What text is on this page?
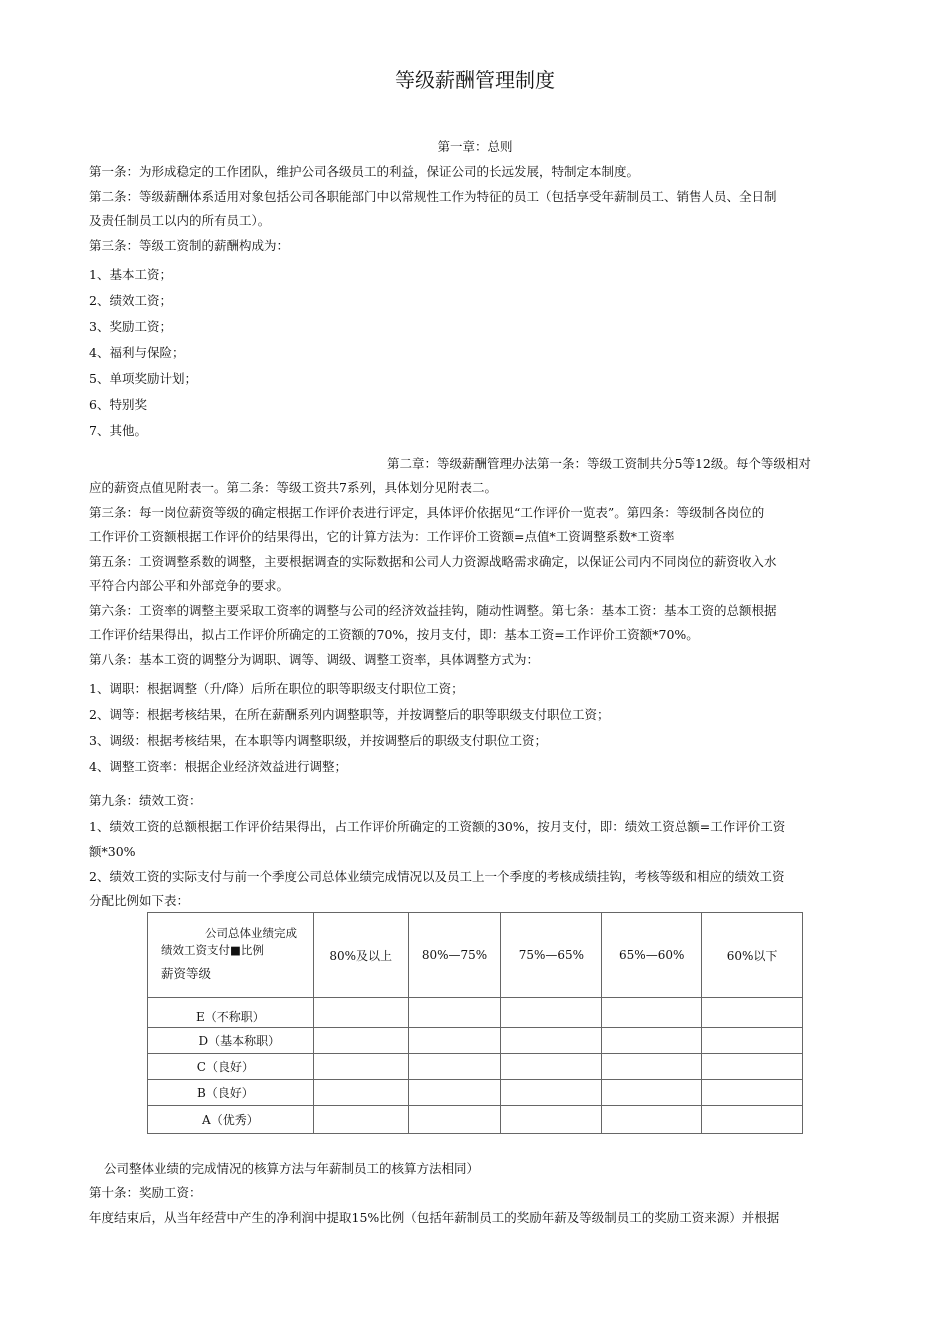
等级薪酬管理制度
第一章：总则
第一条：为形成稳定的工作团队，维护公司各级员工的利益，保证公司的长远发展，特制定本制度。
第二条：等级薪酬体系适用对象包括公司各职能部门中以常规性工作为特征的员工（包括享受年薪制员工、销售人员、全日制
及责任制员工以内的所有员工）。
第三条：等级工资制的薪酬构成为：
1、基本工资；
2、绩效工资；
3、奖励工资；
4、福利与保险；
5、单项奖励计划；
6、特别奖
7、其他。
第二章：等级薪酬管理办法第一条：等级工资制共分5等12级。每个等级相对
应的薪资点值见附表一。第二条：等级工资共7系列，具体划分见附表二。
第三条：每一岗位薪资等级的确定根据工作评价表进行评定，具体评价依据见“工作评价一览表”。第四条：等级制各岗位的
工作评价工资额根据工作评价的结果得出，它的计算方法为：工作评价工资额=点值*工资调整系数*工资率
第五条：工资调整系数的调整，主要根据调查的实际数据和公司人力资源战略需求确定，以保证公司内不同岗位的薪资收入水
平符合内部公平和外部竞争的要求。
第六条：工资率的调整主要采取工资率的调整与公司的经济效益挂钩，随动性调整。第七条：基本工资：基本工资的总额根据
工作评价结果得出，拟占工作评价所确定的工资额的70%，按月支付，即：基本工资=工作评价工资额*70%。
第八条：基本工资的调整分为调职、调等、调级、调整工资率，具体调整方式为：
1、调职：根据调整（升/降）后所在职位的职等职级支付职位工资；
2、调等：根据考核结果，在所在薪酬系列内调整职等，并按调整后的职等职级支付职位工资；
3、调级：根据考核结果，在本职等内调整职级，并按调整后的职级支付职位工资；
4、调整工资率：根据企业经济效益进行调整；
第九条：绩效工资：
1、绩效工资的总额根据工作评价结果得出，占工作评价所确定的工资额的30%，按月支付，即：绩效工资总额=工作评价工资
额*30%
2、绩效工资的实际支付与前一个季度公司总体业绩完成情况以及员工上一个季度的考核成绩挂钩，考核等级和相应的绩效工资
分配比例如下表：
公司总体业绩完成
绩效工资支付■比例
薪资等级	80%及以上	80%—75%	75%—65%	65%—60%	60%以下
E（不称职）					
D（基本称职）					
C（良好）					
B（良好）					
A（优秀）					
公司整体业绩的完成情况的核算方法与年薪制员工的核算方法相同）
第十条：奖励工资：
年度结束后，从当年经营中产生的净利润中提取15%比例（包括年薪制员工的奖励年薪及等级制员工的奖励工资来源）并根据
